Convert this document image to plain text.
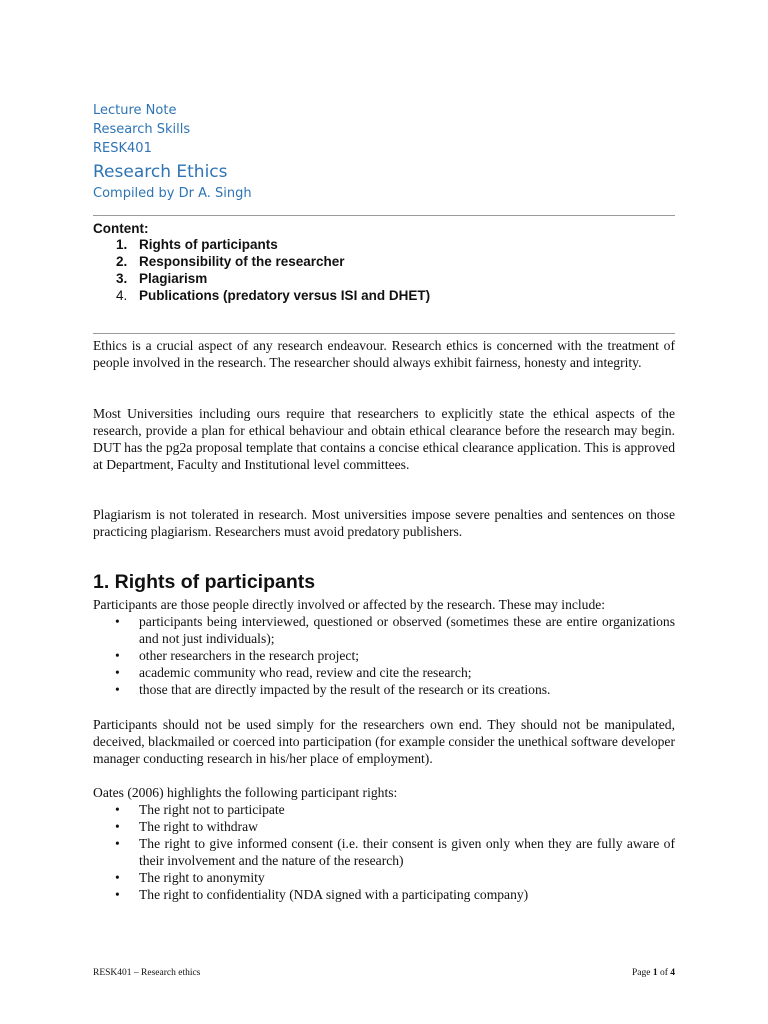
Lecture Note
Research Skills
RESK401
Research Ethics
Compiled by Dr A. Singh
Content:
1. Rights of participants
2. Responsibility of the researcher
3. Plagiarism
4. Publications (predatory versus ISI and DHET)

Ethics is a crucial aspect of any research endeavour. Research ethics is concerned with the treatment of people involved in the research. The researcher should always exhibit fairness, honesty and integrity.

Most Universities including ours require that researchers to explicitly state the ethical aspects of the research, provide a plan for ethical behaviour and obtain ethical clearance before the research may begin. DUT has the pg2a proposal template that contains a concise ethical clearance application. This is approved at Department, Faculty and Institutional level committees.

Plagiarism is not tolerated in research. Most universities impose severe penalties and sentences on those practicing plagiarism. Researchers must avoid predatory publishers.

1. Rights of participants

Participants are those people directly involved or affected by the research. These may include:

• participants being interviewed, questioned or observed (sometimes these are entire organizations and not just individuals);
• other researchers in the research project;
• academic community who read, review and cite the research;
• those that are directly impacted by the result of the research or its creations.

Participants should not be used simply for the researchers own end. They should not be manipulated, deceived, blackmailed or coerced into participation (for example consider the unethical software developer manager conducting research in his/her place of employment).

Oates (2006) highlights the following participant rights:

• The right not to participate
• The right to withdraw
• The right to give informed consent (i.e. their consent is given only when they are fully aware of their involvement and the nature of the research)
• The right to anonymity
• The right to confidentiality (NDA signed with a participating company)
RESK401 – Research ethics	Page 1 of 4
